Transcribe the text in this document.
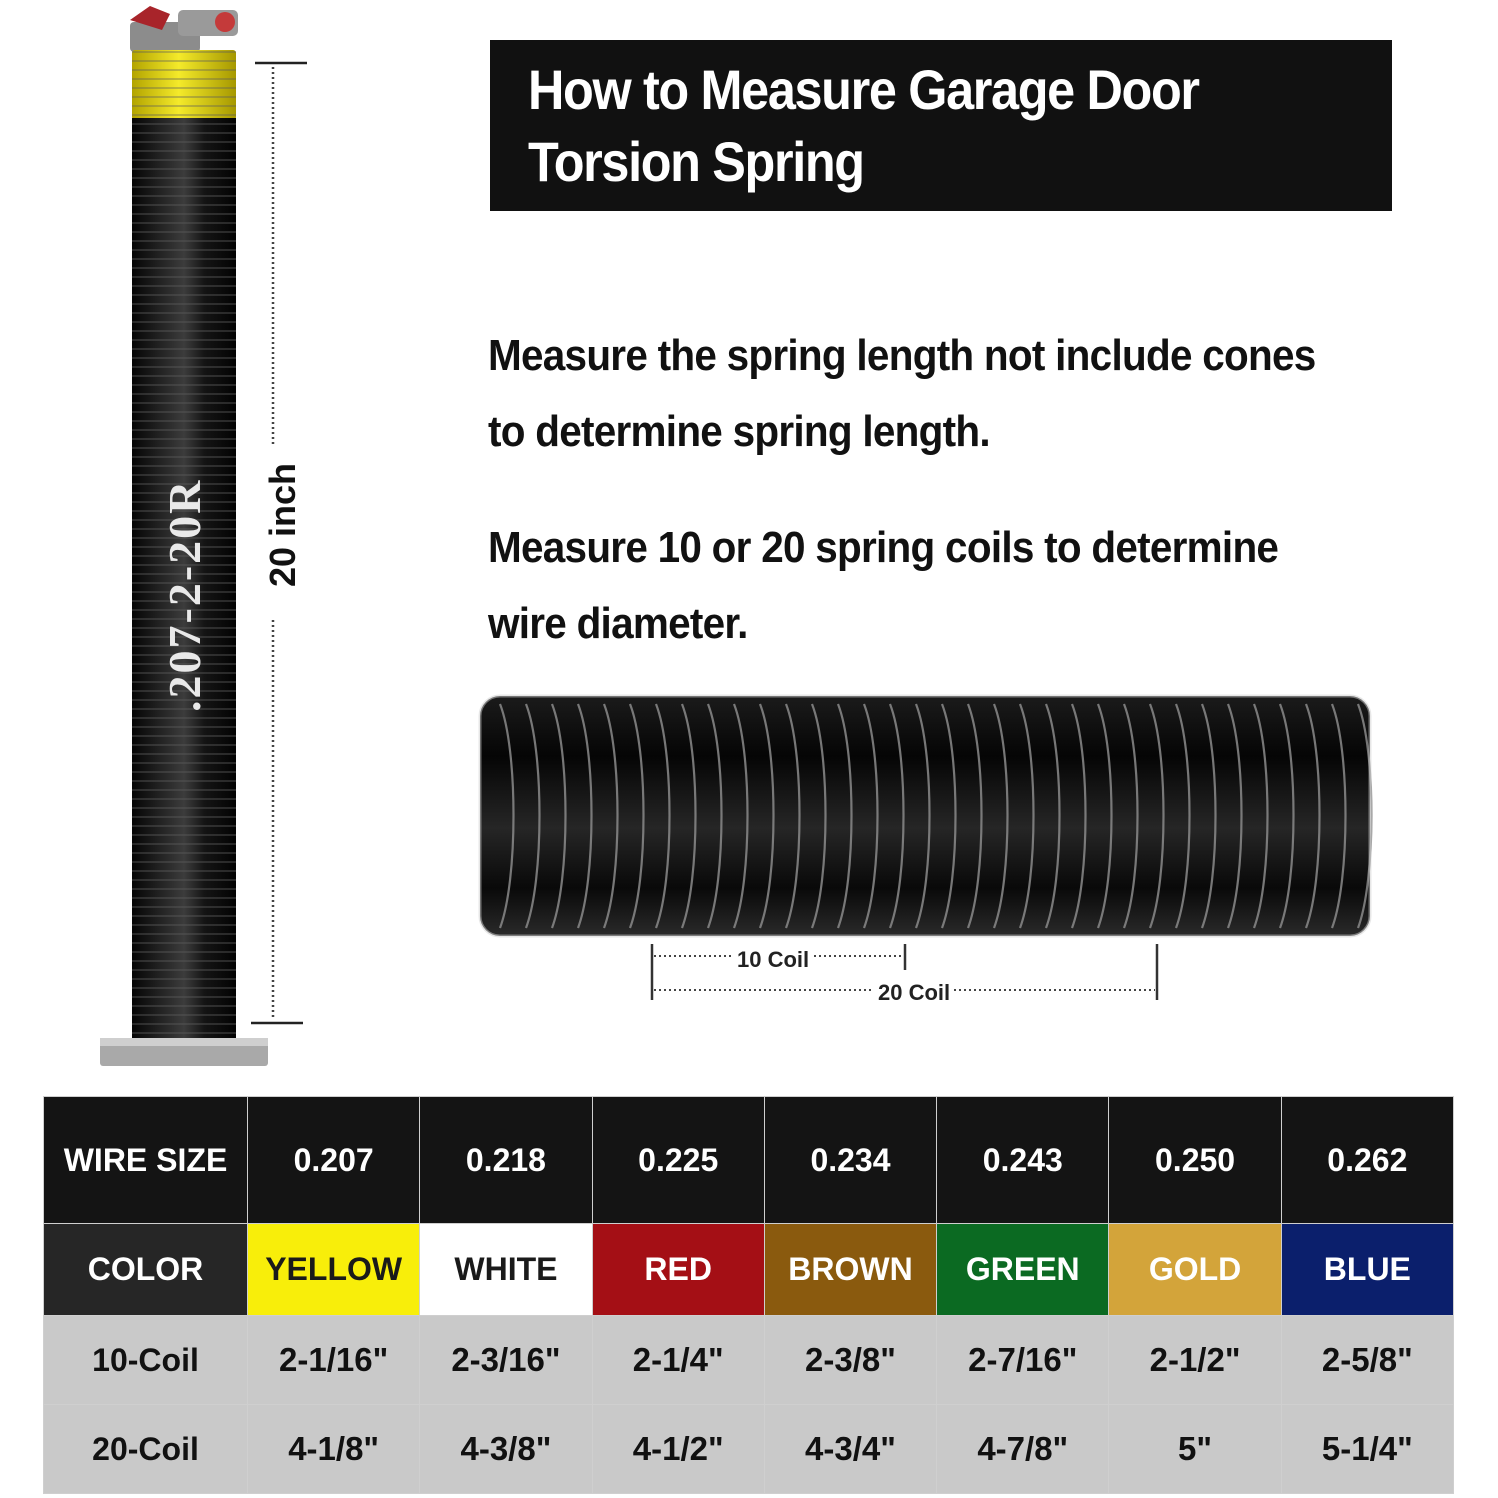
How to Measure Garage Door
Torsion Spring
Measure the spring length not include cones
to determine spring length.
Measure 10 or 20 spring coils to determine
wire diameter.
.207-2-20R 20 inch
10 Coil
20 Coil
WIRE SIZE	0.207	0.218	0.225	0.234	0.243	0.250	0.262
COLOR	YELLOW	WHITE	RED	BROWN	GREEN	GOLD	BLUE
10-Coil	2-1/16"	2-3/16"	2-1/4"	2-3/8"	2-7/16"	2-1/2"	2-5/8"
20-Coil	4-1/8"	4-3/8"	4-1/2"	4-3/4"	4-7/8"	5"	5-1/4"
